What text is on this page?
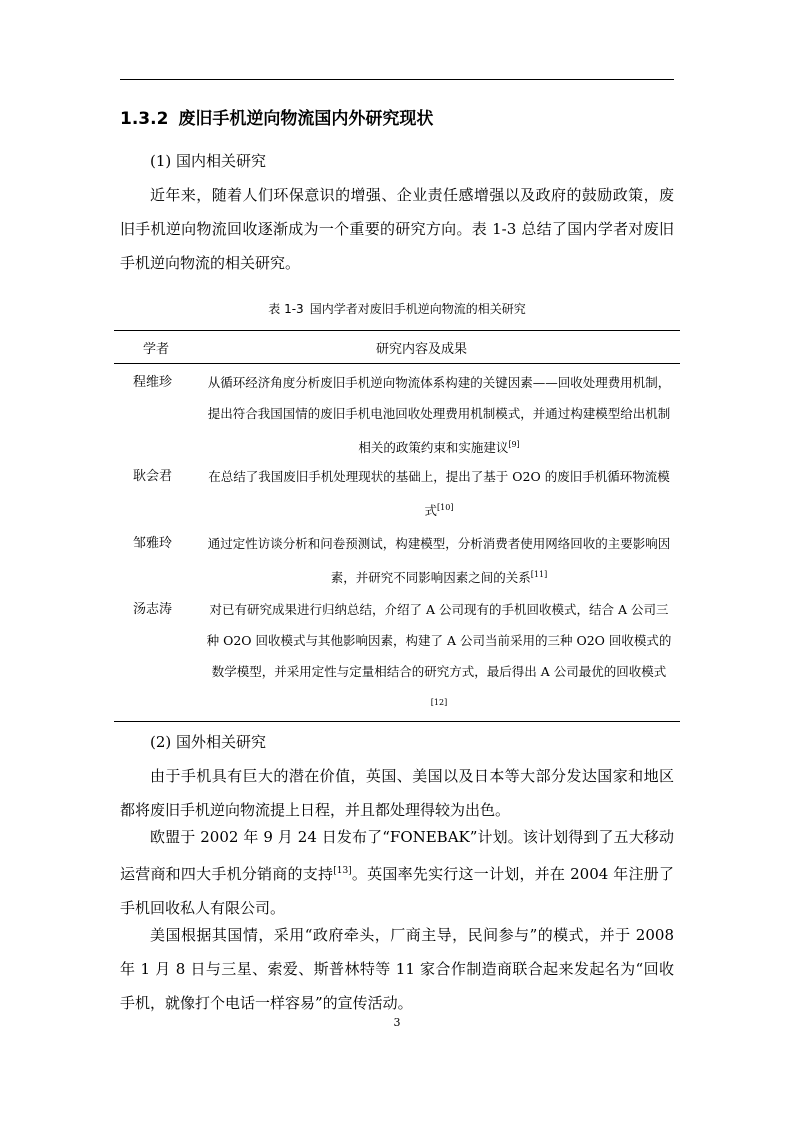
1.3.2 废旧手机逆向物流国内外研究现状

(1) 国内相关研究

近年来，随着人们环保意识的增强、企业责任感增强以及政府的鼓励政策，废旧手机逆向物流回收逐渐成为一个重要的研究方向。表 1-3 总结了国内学者对废旧手机逆向物流的相关研究。

表 1-3 国内学者对废旧手机逆向物流的相关研究
学者	研究内容及成果
程维珍	从循环经济角度分析废旧手机逆向物流体系构建的关键因素——回收处理费用机制，提出符合我国国情的废旧手机电池回收处理费用机制模式，并通过构建模型给出机制相关的政策约束和实施建议[9]

耿会君	在总结了我国废旧手机处理现状的基础上，提出了基于 O2O 的废旧手机循环物流模式[10]

邹雅玲	通过定性访谈分析和问卷预测试，构建模型，分析消费者使用网络回收的主要影响因素，并研究不同影响因素之间的关系[11]

汤志涛	对已有研究成果进行归纳总结，介绍了 A 公司现有的手机回收模式，结合 A 公司三种 O2O 回收模式与其他影响因素，构建了 A 公司当前采用的三种 O2O 回收模式的数学模型，并采用定性与定量相结合的研究方式，最后得出 A 公司最优的回收模式[12]

(2) 国外相关研究

由于手机具有巨大的潜在价值，英国、美国以及日本等大部分发达国家和地区都将废旧手机逆向物流提上日程，并且都处理得较为出色。

欧盟于 2002 年 9 月 24 日发布了“FONEBAK”计划。该计划得到了五大移动运营商和四大手机分销商的支持[13]。英国率先实行这一计划，并在 2004 年注册了手机回收私人有限公司。

美国根据其国情，采用“政府牵头，厂商主导，民间参与”的模式，并于 2008 年 1 月 8 日与三星、索爱、斯普林特等 11 家合作制造商联合起来发起名为“回收手机，就像打个电话一样容易”的宣传活动。

3
